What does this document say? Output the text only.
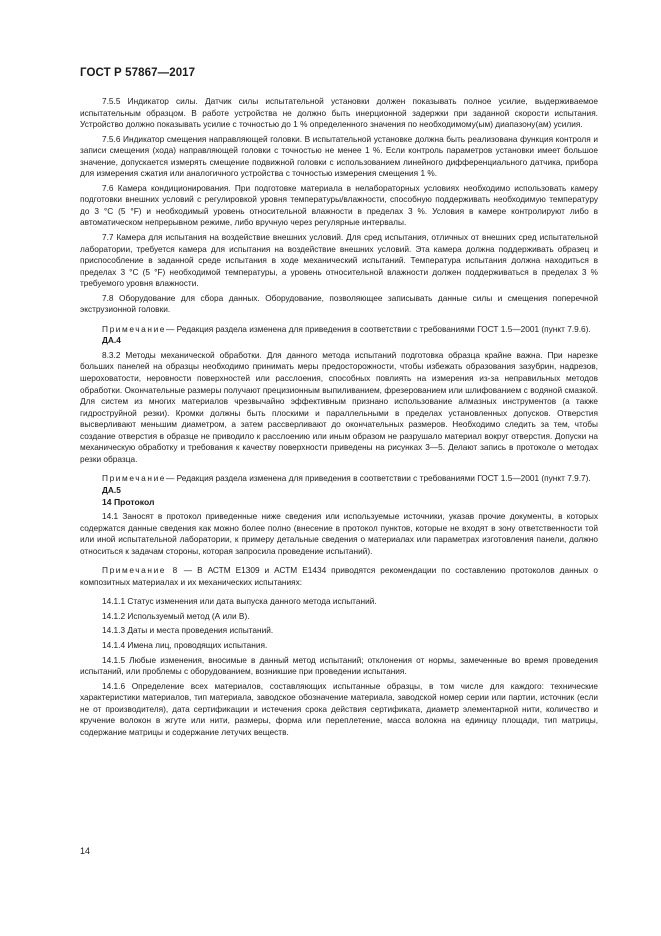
ГОСТ Р 57867—2017

7.5.5 Индикатор силы. Датчик силы испытательной установки должен показывать полное усилие, выдерживаемое испытательным образцом. В работе устройства не должно быть инерционной задержки при заданной скорости испытания. Устройство должно показывать усилие с точностью до 1 % определенного значения по необходимому(ым) диапазону(ам) усилия.

7.5.6 Индикатор смещения направляющей головки. В испытательной установке должна быть реализована функция контроля и записи смещения (хода) направляющей головки с точностью не менее 1 %. Если контроль параметров установки имеет большое значение, допускается измерять смещение подвижной головки с использованием линейного дифференциального датчика, прибора для измерения сжатия или аналогичного устройства с точностью измерения смещения 1 %.

7.6 Камера кондиционирования. При подготовке материала в нелабораторных условиях необходимо использовать камеру подготовки внешних условий с регулировкой уровня температуры/влажности, способную поддерживать необходимую температуру до 3 °С (5 °F) и необходимый уровень относительной влажности в пределах 3 %. Условия в камере контролируют либо в автоматическом непрерывном режиме, либо вручную через регулярные интервалы.

7.7 Камера для испытания на воздействие внешних условий. Для сред испытания, отличных от внешних сред испытательной лаборатории, требуется камера для испытания на воздействие внешних условий. Эта камера должна поддерживать образец и приспособление в заданной среде испытания в ходе механический испытаний. Температура испытания должна находиться в пределах 3 °С (5 °F) необходимой температуры, а уровень относительной влажности должен поддерживаться в пределах 3 % требуемого уровня влажности.

7.8 Оборудование для сбора данных. Оборудование, позволяющее записывать данные силы и смещения поперечной экструзионной головки.

Примечание— Редакция раздела изменена для приведения в соответствии с требованиями ГОСТ 1.5—2001 (пункт 7.9.6).

ДА.4

8.3.2 Методы механической обработки. Для данного метода испытаний подготовка образца крайне важна. При нарезке больших панелей на образцы необходимо принимать меры предосторожности, чтобы избежать образования зазубрин, надрезов, шероховатости, неровности поверхностей или расслоения, способных повлиять на измерения из-за неправильных методов обработки. Окончательные размеры получают прецизионным выпиливанием, фрезерованием или шлифованием с водяной смазкой. Для систем из многих материалов чрезвычайно эффективным признано использование алмазных инструментов (а также гидроструйной резки). Кромки должны быть плоскими и параллельными в пределах установленных допусков. Отверстия высверливают меньшим диаметром, а затем рассверливают до окончательных размеров. Необходимо следить за тем, чтобы создание отверстия в образце не приводило к расслоению или иным образом не разрушало материал вокруг отверстия. Допуски на механическую обработку и требования к качеству поверхности приведены на рисунках 3—5. Делают запись в протоколе о методах резки образца.

Примечание— Редакция раздела изменена для приведения в соответствии с требованиями ГОСТ 1.5—2001 (пункт 7.9.7).

ДА.5

14 Протокол

14.1 Заносят в протокол приведенные ниже сведения или используемые источники, указав прочие документы, в которых содержатся данные сведения как можно более полно (внесение в протокол пунктов, которые не входят в зону ответственности той или иной испытательной лаборатории, к примеру детальные сведения о материалах или параметрах изготовления панели, должно относиться к задачам стороны, которая запросила проведение испытаний).

Примечание 8 — В АСТМ Е1309 и АСТМ Е1434 приводятся рекомендации по составлению протоколов данных о композитных материалах и их механических испытаниях:

14.1.1 Статус изменения или дата выпуска данного метода испытаний.

14.1.2 Используемый метод (А или В).

14.1.3 Даты и места проведения испытаний.

14.1.4 Имена лиц, проводящих испытания.

14.1.5 Любые изменения, вносимые в данный метод испытаний; отклонения от нормы, замеченные во время проведения испытаний, или проблемы с оборудованием, возникшие при проведении испытания.

14.1.6 Определение всех материалов, составляющих испытанные образцы, в том числе для каждого: технические характеристики материалов, тип материала, заводское обозначение материала, заводской номер серии или партии, источник (если не от производителя), дата сертификации и истечения срока действия сертификата, диаметр элементарной нити, количество и кручение волокон в жгуте или нити, размеры, форма или переплетение, масса волокна на единицу площади, тип матрицы, содержание матрицы и содержание летучих веществ.

14
